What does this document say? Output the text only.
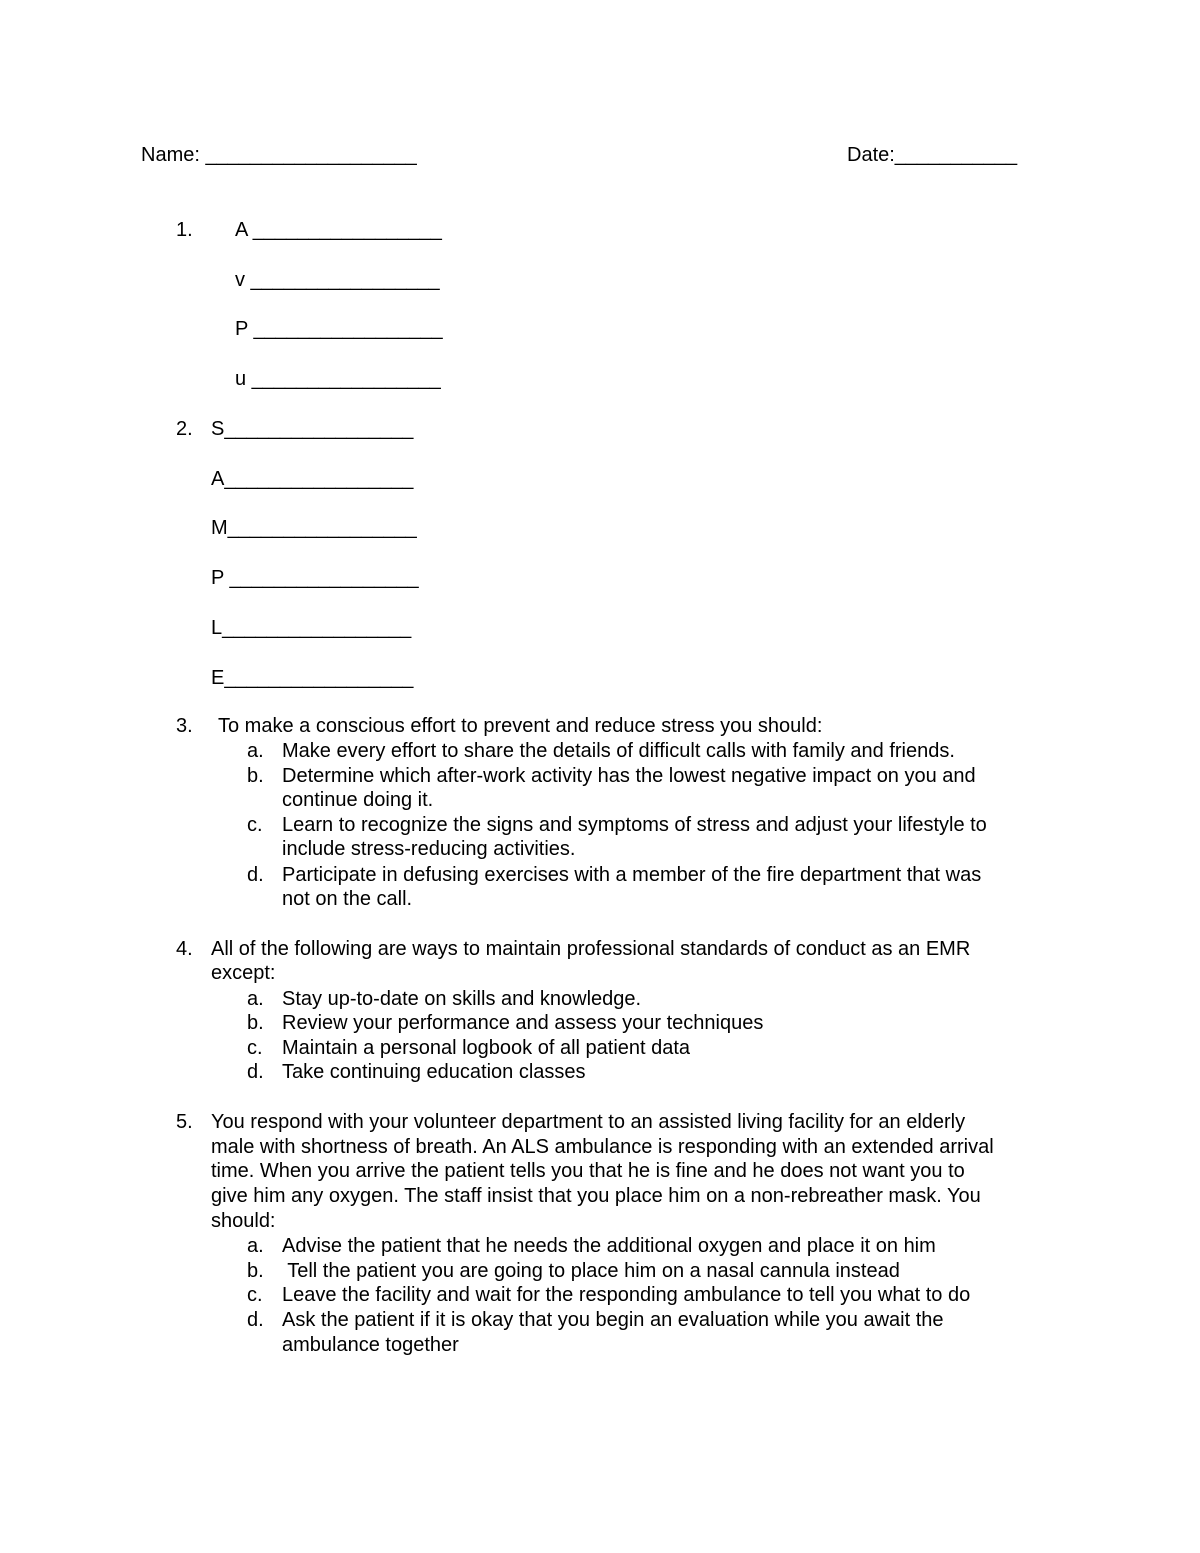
Name: ___________________	Date:___________
1. A _________________
v _________________
P _________________
u _________________
2. S_________________
A_________________
M_________________
P _________________
L_________________
E_________________
3. To make a conscious effort to prevent and reduce stress you should:
a. Make every effort to share the details of difficult calls with family and friends.
b. Determine which after-work activity has the lowest negative impact on you and
continue doing it.
c. Learn to recognize the signs and symptoms of stress and adjust your lifestyle to
include stress-reducing activities.
d. Participate in defusing exercises with a member of the fire department that was
not on the call.
4. All of the following are ways to maintain professional standards of conduct as an EMR
except:
a. Stay up-to-date on skills and knowledge.
b. Review your performance and assess your techniques
c. Maintain a personal logbook of all patient data
d. Take continuing education classes
5. You respond with your volunteer department to an assisted living facility for an elderly
male with shortness of breath. An ALS ambulance is responding with an extended arrival
time. When you arrive the patient tells you that he is fine and he does not want you to
give him any oxygen. The staff insist that you place him on a non-rebreather mask. You
should:
a. Advise the patient that he needs the additional oxygen and place it on him
b. Tell the patient you are going to place him on a nasal cannula instead
c. Leave the facility and wait for the responding ambulance to tell you what to do
d. Ask the patient if it is okay that you begin an evaluation while you await the
ambulance together
